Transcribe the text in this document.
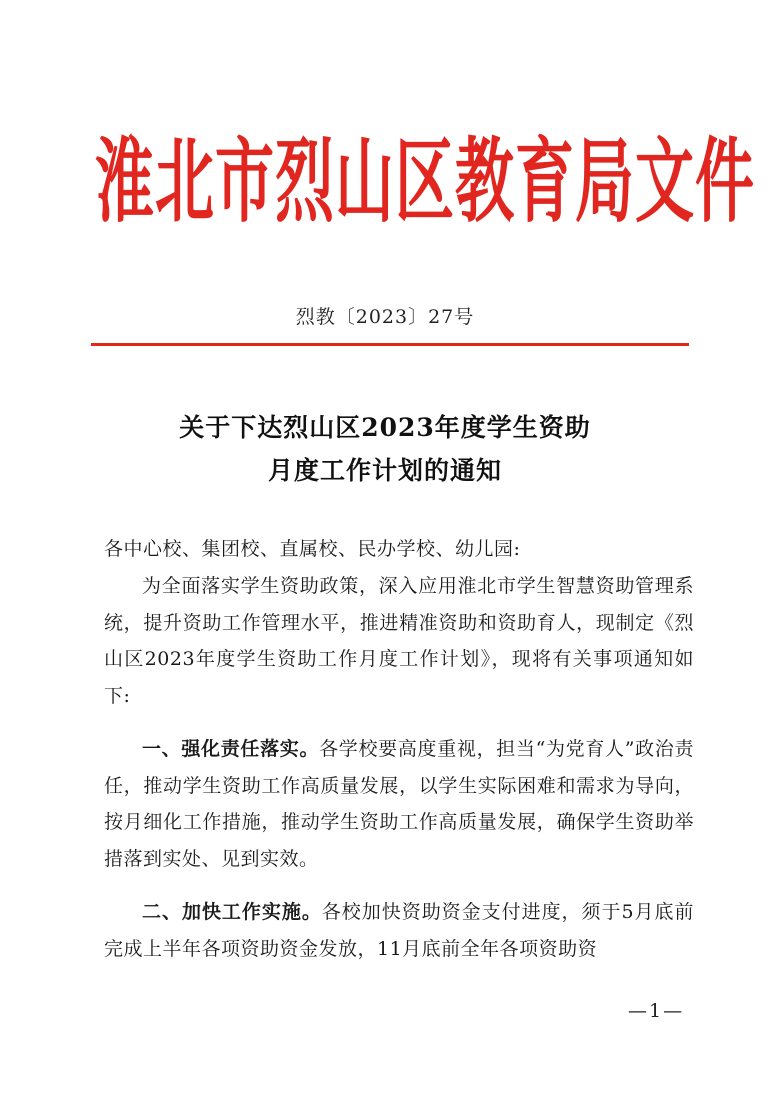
淮北市烈山区教育局文件
烈教〔2023〕27号
关于下达烈山区2023年度学生资助
月度工作计划的通知
各中心校、集团校、直属校、民办学校、幼儿园:
为全面落实学生资助政策，深入应用淮北市学生智慧资助管理系统，提升资助工作管理水平，推进精准资助和资助育人，现制定《烈山区2023年度学生资助工作月度工作计划》，现将有关事项通知如下:
一、强化责任落实。各学校要高度重视，担当“为党育人”政治责任，推动学生资助工作高质量发展，以学生实际困难和需求为导向，按月细化工作措施，推动学生资助工作高质量发展，确保学生资助举措落到实处、见到实效。
二、加快工作实施。各校加快资助资金支付进度，须于5月底前完成上半年各项资助资金发放，11月底前全年各项资助资
—1—
